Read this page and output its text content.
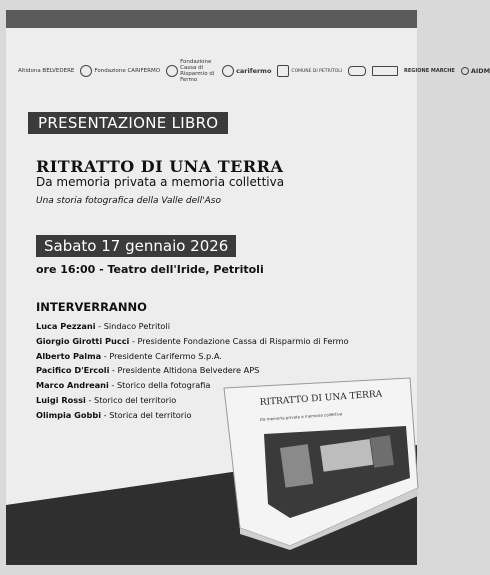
Altidona BELVEDERE	Fondazione CARIFERMO
Fondazione Cassa di Risparmio di Fermo
carifermo	COMUNE DI PETRITOLI	REGIONE MARCHE AIDM
PRESENTAZIONE LIBRO
RITRATTO DI UNA TERRA
Da memoria privata a memoria collettiva
Una storia fotografica della Valle dell'Aso
Sabato 17 gennaio 2026
ore 16:00 - Teatro dell'Iride, Petritoli
INTERVERRANNO
Luca Pezzani - Sindaco Petritoli
Giorgio Girotti Pucci - Presidente Fondazione Cassa di Risparmio di Fermo
Alberto Palma - Presidente Carifermo S.p.A.
Pacifico D'Ercoli - Presidente Altidona Belvedere APS
Marco Andreani - Storico della fotografia
Luigi Rossi - Storico del territorio
Olimpia Gobbi - Storica del territorio
RITRATTO DI UNA TERRA
Da memoria privata a memoria collettiva
